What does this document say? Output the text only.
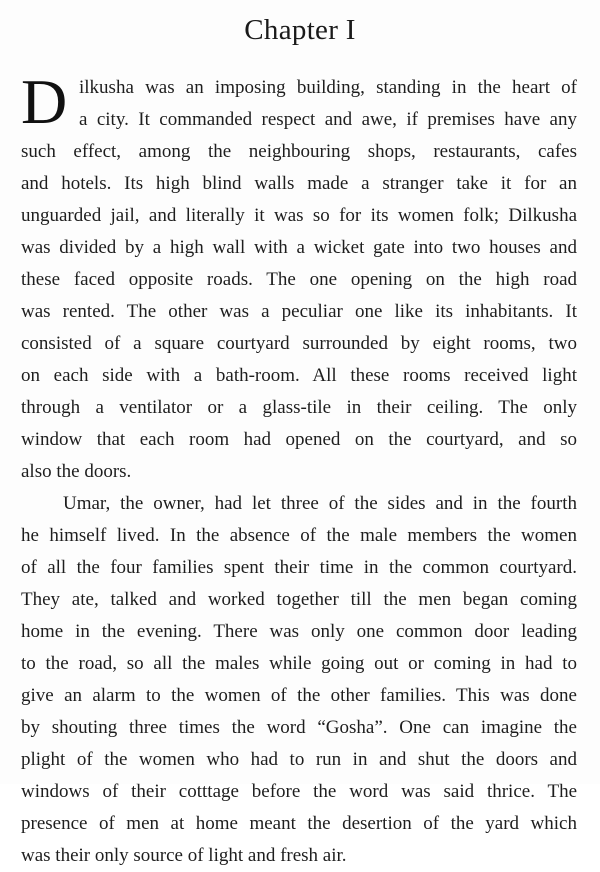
Chapter I
D ilkusha was an imposing building, standing in the heart of
a city. It commanded respect and awe, if premises have any
such effect, among the neighbouring shops, restaurants, cafes
and hotels. Its high blind walls made a stranger take it for an
unguarded jail, and literally it was so for its women folk; Dilkusha
was divided by a high wall with a wicket gate into two houses and
these faced opposite roads. The one opening on the high road
was rented. The other was a peculiar one like its inhabitants. It
consisted of a square courtyard surrounded by eight rooms, two
on each side with a bath-room. All these rooms received light
through a ventilator or a glass-tile in their ceiling. The only
window that each room had opened on the courtyard, and so
also the doors.
Umar, the owner, had let three of the sides and in the fourth
he himself lived. In the absence of the male members the women
of all the four families spent their time in the common courtyard.
They ate, talked and worked together till the men began coming
home in the evening. There was only one common door leading
to the road, so all the males while going out or coming in had to
give an alarm to the women of the other families. This was done
by shouting three times the word “Gosha”. One can imagine the
plight of the women who had to run in and shut the doors and
windows of their cotttage before the word was said thrice. The
presence of men at home meant the desertion of the yard which
was their only source of light and fresh air.
